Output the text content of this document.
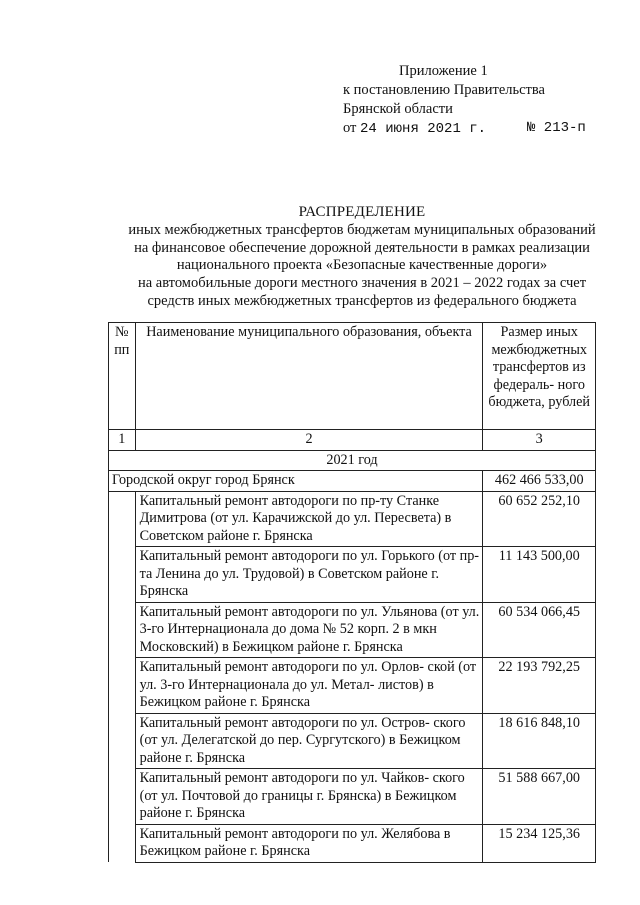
Приложение 1
к постановлению Правительства
Брянской области
от 24 июня 2021 г.	№ 213-п
РАСПРЕДЕЛЕНИЕ
иных межбюджетных трансфертов бюджетам муниципальных образований
на финансовое обеспечение дорожной деятельности в рамках реализации
национального проекта «Безопасные качественные дороги»
на автомобильные дороги местного значения в 2021 – 2022 годах за счет
средств иных межбюджетных трансфертов из федерального бюджета
№ пп	Наименование муниципального образования, объекта	Размер иных межбюджетных трансфертов из федераль- ного бюджета, рублей
1	2	3
2021 год		
Городской округ город Брянск		462 466 533,00
	Капитальный ремонт автодороги по пр-ту Станке Димитрова (от ул. Карачижской до ул. Пересвета) в Советском районе г. Брянска	60 652 252,10
	Капитальный ремонт автодороги по ул. Горького (от пр-та Ленина до ул. Трудовой) в Советском районе г. Брянска	11 143 500,00
	Капитальный ремонт автодороги по ул. Ульянова (от ул. 3-го Интернационала до дома № 52 корп. 2 в мкн Московский) в Бежицком районе г. Брянска	60 534 066,45
	Капитальный ремонт автодороги по ул. Орлов- ской (от ул. 3-го Интернационала до ул. Метал- листов) в Бежицком районе г. Брянска	22 193 792,25
	Капитальный ремонт автодороги по ул. Остров- ского (от ул. Делегатской до пер. Сургутского) в Бежицком районе г. Брянска	18 616 848,10
	Капитальный ремонт автодороги по ул. Чайков- ского (от ул. Почтовой до границы г. Брянска) в Бежицком районе г. Брянска	51 588 667,00
	Капитальный ремонт автодороги по ул. Желябова в Бежицком районе г. Брянска	15 234 125,36
